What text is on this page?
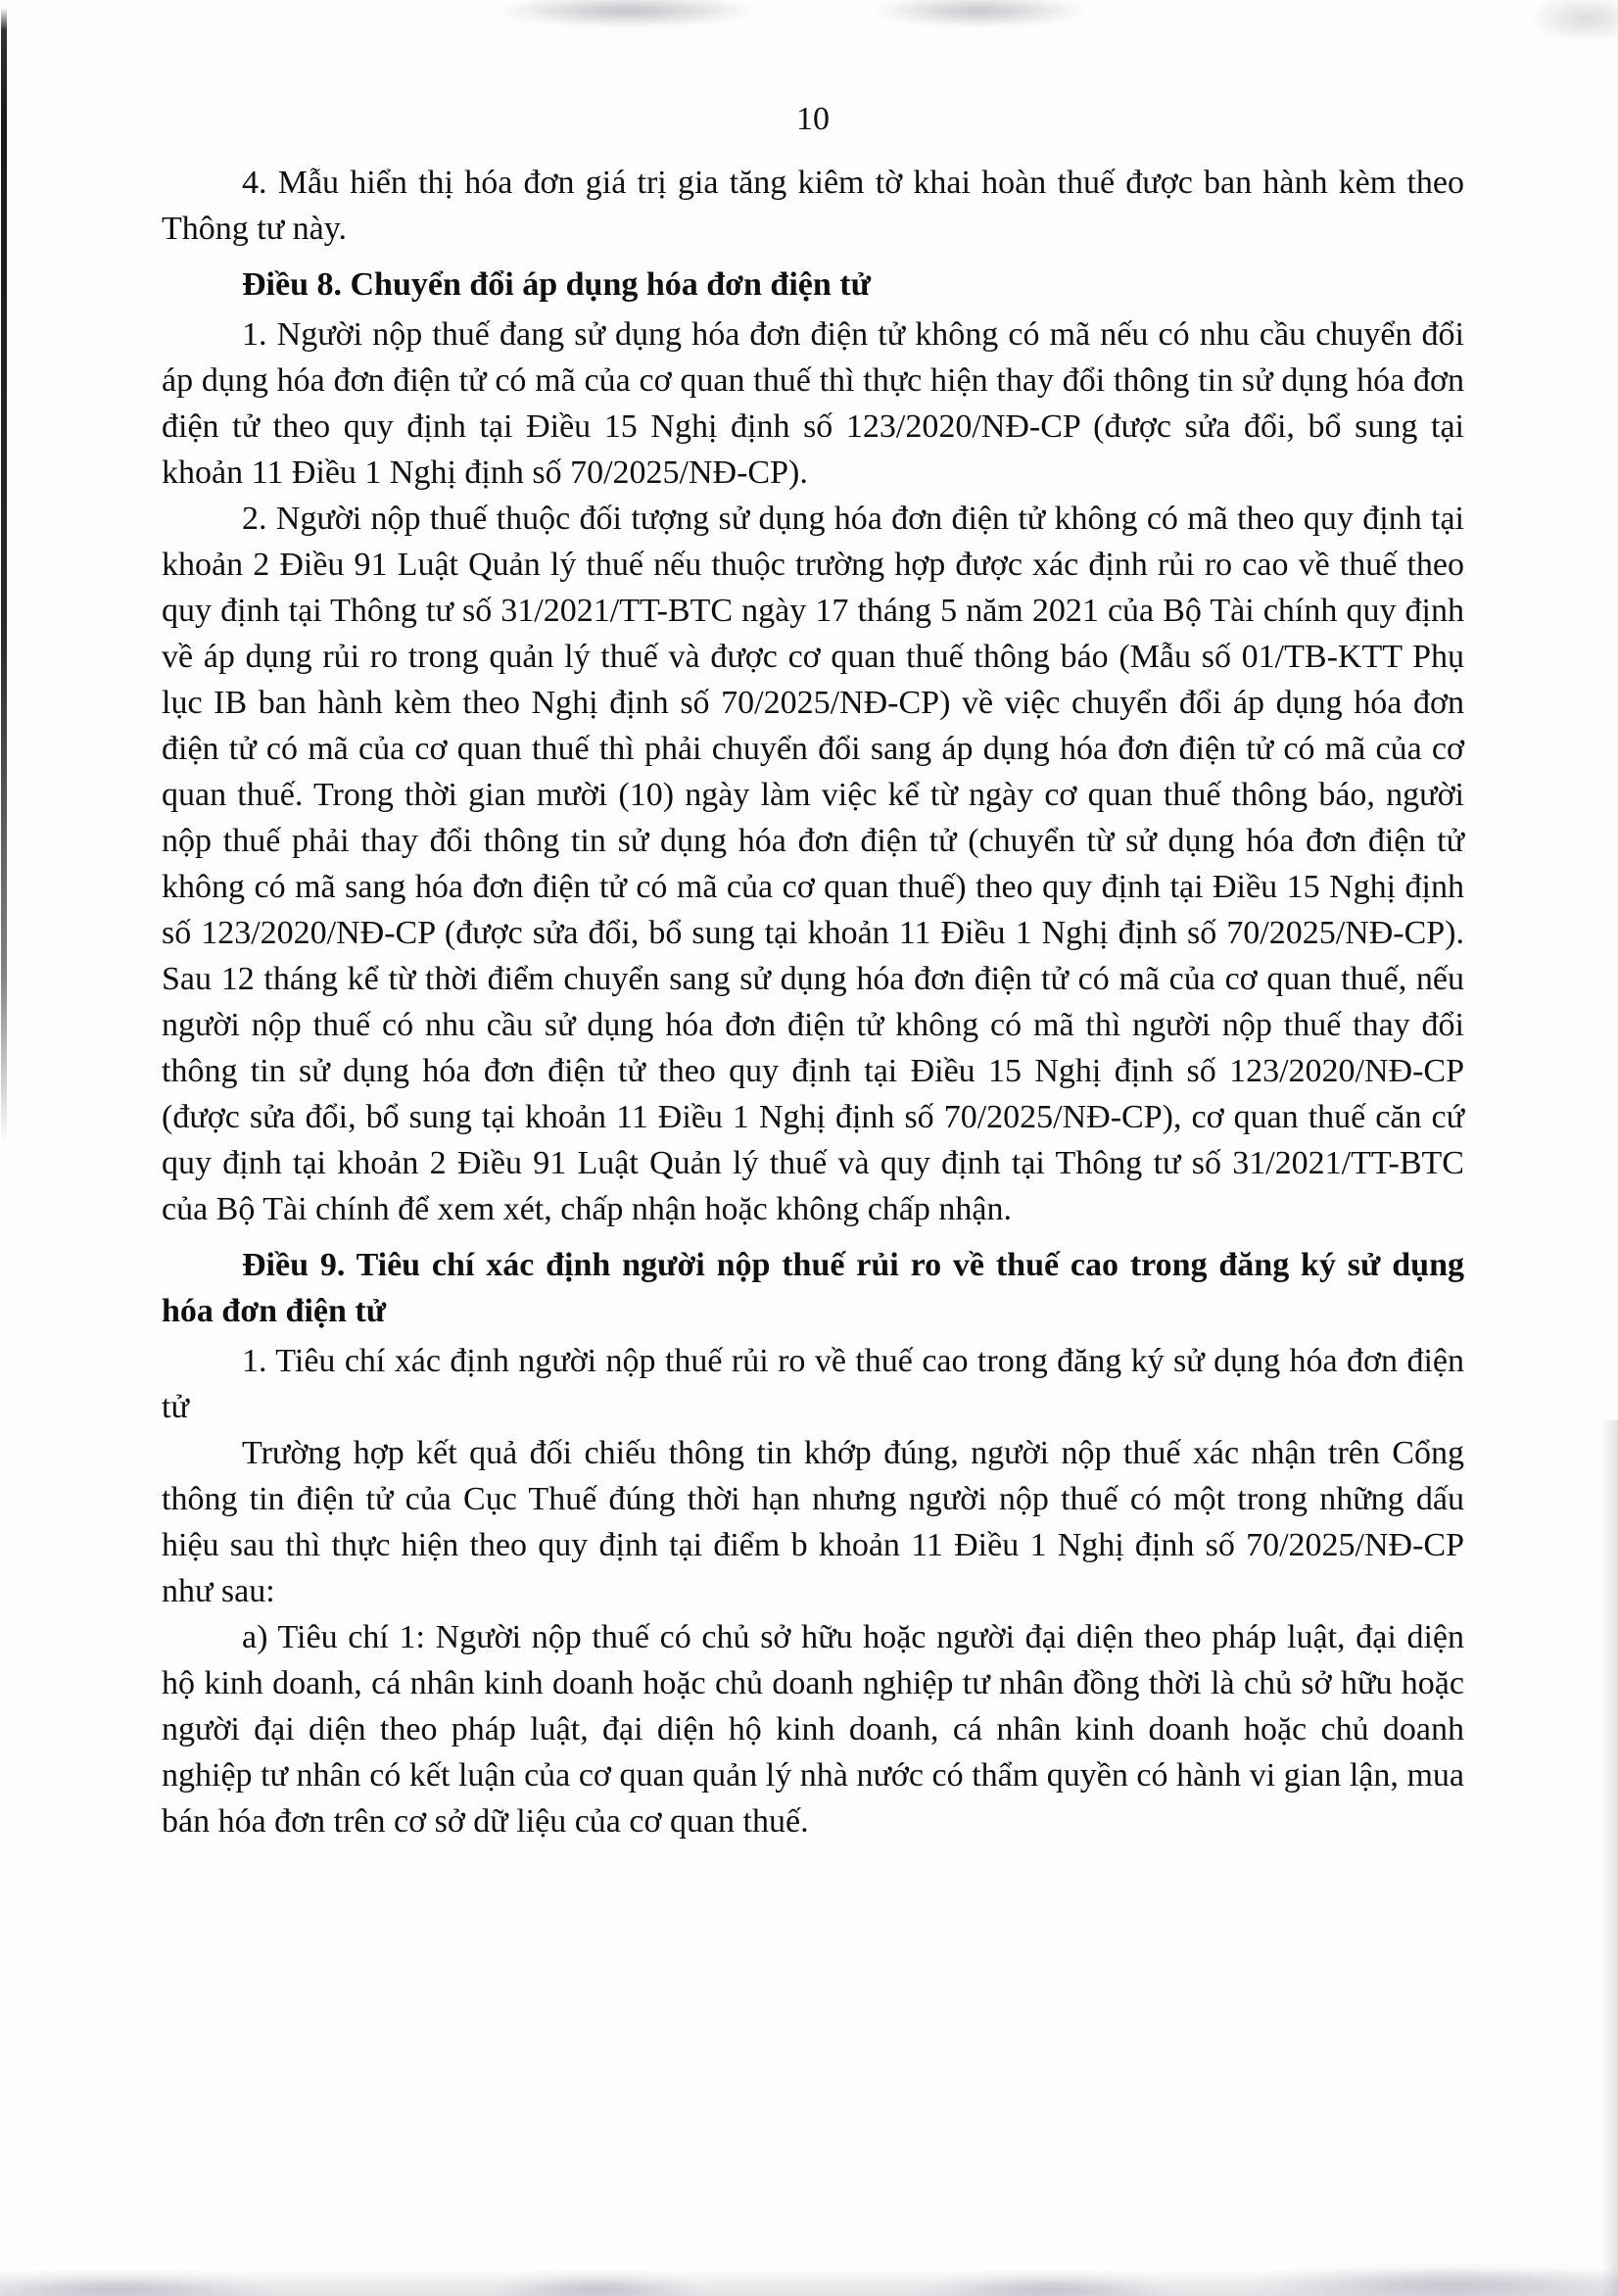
10

4. Mẫu hiển thị hóa đơn giá trị gia tăng kiêm tờ khai hoàn thuế được ban hành kèm theo Thông tư này.

Điều 8. Chuyển đổi áp dụng hóa đơn điện tử

1. Người nộp thuế đang sử dụng hóa đơn điện tử không có mã nếu có nhu cầu chuyển đổi áp dụng hóa đơn điện tử có mã của cơ quan thuế thì thực hiện thay đổi thông tin sử dụng hóa đơn điện tử theo quy định tại Điều 15 Nghị định số 123/2020/NĐ-CP (được sửa đổi, bổ sung tại khoản 11 Điều 1 Nghị định số 70/2025/NĐ-CP).

2. Người nộp thuế thuộc đối tượng sử dụng hóa đơn điện tử không có mã theo quy định tại khoản 2 Điều 91 Luật Quản lý thuế nếu thuộc trường hợp được xác định rủi ro cao về thuế theo quy định tại Thông tư số 31/2021/TT-BTC ngày 17 tháng 5 năm 2021 của Bộ Tài chính quy định về áp dụng rủi ro trong quản lý thuế và được cơ quan thuế thông báo (Mẫu số 01/TB-KTT Phụ lục IB ban hành kèm theo Nghị định số 70/2025/NĐ-CP) về việc chuyển đổi áp dụng hóa đơn điện tử có mã của cơ quan thuế thì phải chuyển đổi sang áp dụng hóa đơn điện tử có mã của cơ quan thuế. Trong thời gian mười (10) ngày làm việc kể từ ngày cơ quan thuế thông báo, người nộp thuế phải thay đổi thông tin sử dụng hóa đơn điện tử (chuyển từ sử dụng hóa đơn điện tử không có mã sang hóa đơn điện tử có mã của cơ quan thuế) theo quy định tại Điều 15 Nghị định số 123/2020/NĐ-CP (được sửa đổi, bổ sung tại khoản 11 Điều 1 Nghị định số 70/2025/NĐ-CP). Sau 12 tháng kể từ thời điểm chuyển sang sử dụng hóa đơn điện tử có mã của cơ quan thuế, nếu người nộp thuế có nhu cầu sử dụng hóa đơn điện tử không có mã thì người nộp thuế thay đổi thông tin sử dụng hóa đơn điện tử theo quy định tại Điều 15 Nghị định số 123/2020/NĐ-CP (được sửa đổi, bổ sung tại khoản 11 Điều 1 Nghị định số 70/2025/NĐ-CP), cơ quan thuế căn cứ quy định tại khoản 2 Điều 91 Luật Quản lý thuế và quy định tại Thông tư số 31/2021/TT-BTC của Bộ Tài chính để xem xét, chấp nhận hoặc không chấp nhận.

Điều 9. Tiêu chí xác định người nộp thuế rủi ro về thuế cao trong đăng ký sử dụng hóa đơn điện tử

1. Tiêu chí xác định người nộp thuế rủi ro về thuế cao trong đăng ký sử dụng hóa đơn điện tử

Trường hợp kết quả đối chiếu thông tin khớp đúng, người nộp thuế xác nhận trên Cổng thông tin điện tử của Cục Thuế đúng thời hạn nhưng người nộp thuế có một trong những dấu hiệu sau thì thực hiện theo quy định tại điểm b khoản 11 Điều 1 Nghị định số 70/2025/NĐ-CP như sau:

a) Tiêu chí 1: Người nộp thuế có chủ sở hữu hoặc người đại diện theo pháp luật, đại diện hộ kinh doanh, cá nhân kinh doanh hoặc chủ doanh nghiệp tư nhân đồng thời là chủ sở hữu hoặc người đại diện theo pháp luật, đại diện hộ kinh doanh, cá nhân kinh doanh hoặc chủ doanh nghiệp tư nhân có kết luận của cơ quan quản lý nhà nước có thẩm quyền có hành vi gian lận, mua bán hóa đơn trên cơ sở dữ liệu của cơ quan thuế.
